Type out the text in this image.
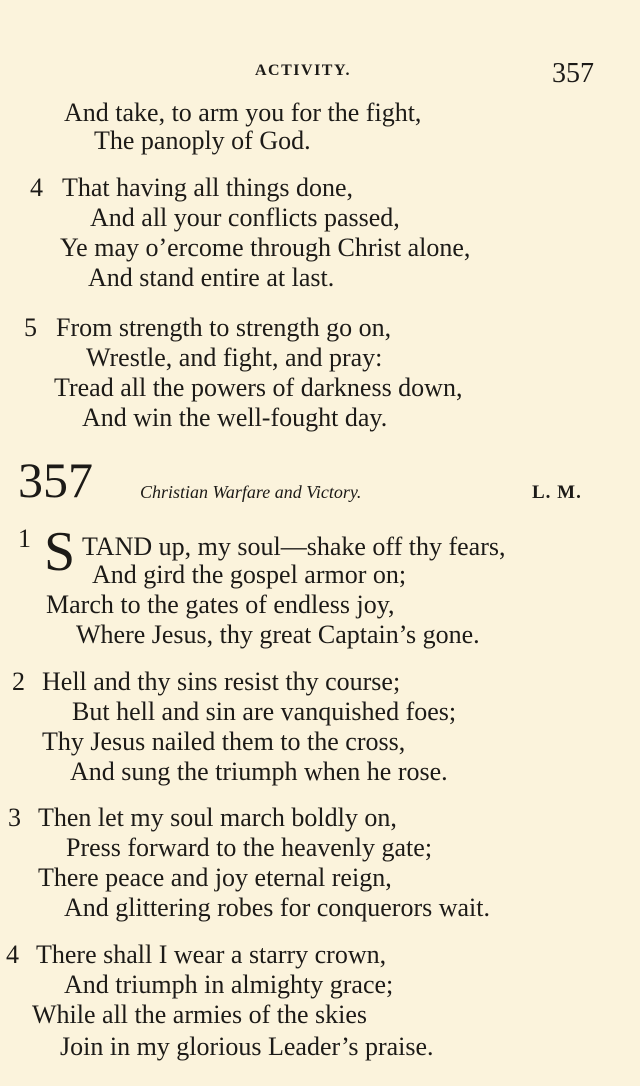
ACTIVITY.	357
And take, to arm you for the fight,
The panoply of God.
4 That having all things done,
And all your conflicts passed,
Ye may o’ercome through Christ alone,
And stand entire at last.
5 From strength to strength go on,
Wrestle, and fight, and pray:
Tread all the powers of darkness down,
And win the well-fought day.
357	Christian Warfare and Victory.	L. M.
1 S TAND up, my soul—shake off thy fears,
And gird the gospel armor on;
March to the gates of endless joy,
Where Jesus, thy great Captain’s gone.
2 Hell and thy sins resist thy course;
But hell and sin are vanquished foes;
Thy Jesus nailed them to the cross,
And sung the triumph when he rose.
3 Then let my soul march boldly on,
Press forward to the heavenly gate;
There peace and joy eternal reign,
And glittering robes for conquerors wait.
4 There shall I wear a starry crown,
And triumph in almighty grace;
While all the armies of the skies
Join in my glorious Leader’s praise.
